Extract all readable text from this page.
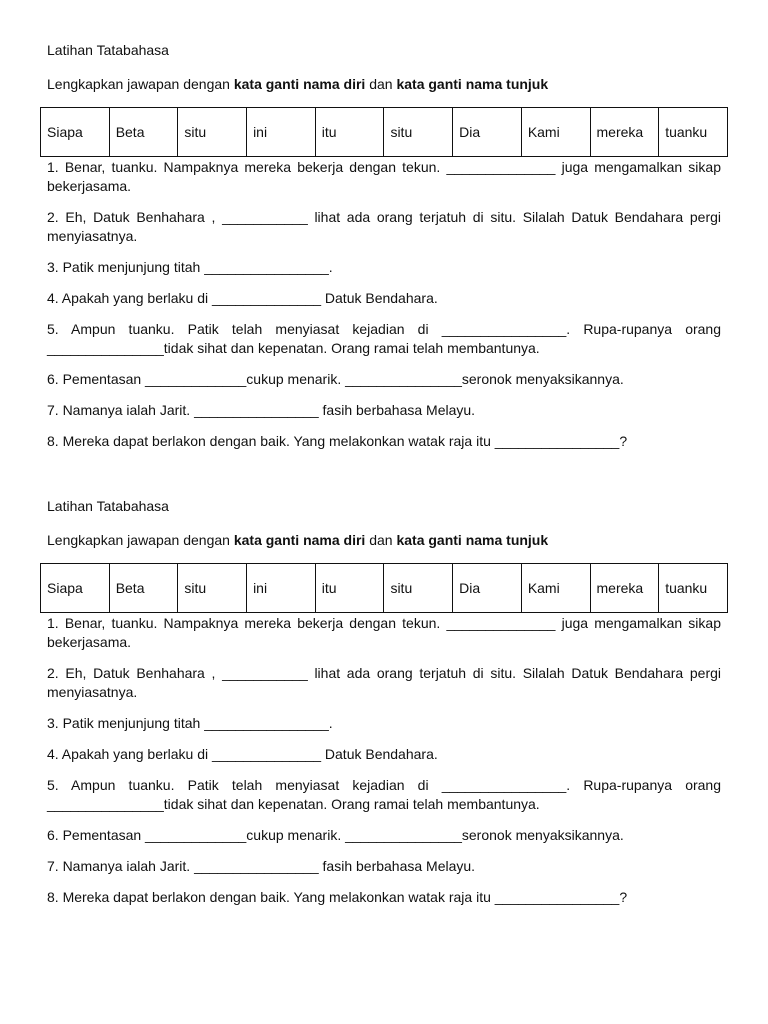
Latihan Tatabahasa

Lengkapkan jawapan dengan kata ganti nama diri dan kata ganti nama tunjuk

Siapa	Beta	situ	ini	itu	situ	Dia	Kami	mereka	tuanku

1. Benar, tuanku. Nampaknya mereka bekerja dengan tekun. ______________ juga mengamalkan sikap bekerjasama.

2. Eh, Datuk Benhahara , ___________ lihat ada orang terjatuh di situ. Silalah Datuk Bendahara pergi menyiasatnya.

3. Patik menjunjung titah ________________.

4. Apakah yang berlaku di ______________ Datuk Bendahara.

5. Ampun tuanku. Patik telah menyiasat kejadian di ________________. Rupa-rupanya orang _______________tidak sihat dan kepenatan. Orang ramai telah membantunya.

6. Pementasan _____________cukup menarik. _______________seronok menyaksikannya.

7. Namanya ialah Jarit. ________________ fasih berbahasa Melayu.

8. Mereka dapat berlakon dengan baik. Yang melakonkan watak raja itu ________________?

Latihan Tatabahasa

Lengkapkan jawapan dengan kata ganti nama diri dan kata ganti nama tunjuk

Siapa	Beta	situ	ini	itu	situ	Dia	Kami	mereka	tuanku

1. Benar, tuanku. Nampaknya mereka bekerja dengan tekun. ______________ juga mengamalkan sikap bekerjasama.

2. Eh, Datuk Benhahara , ___________ lihat ada orang terjatuh di situ. Silalah Datuk Bendahara pergi menyiasatnya.

3. Patik menjunjung titah ________________.

4. Apakah yang berlaku di ______________ Datuk Bendahara.

5. Ampun tuanku. Patik telah menyiasat kejadian di ________________. Rupa-rupanya orang _______________tidak sihat dan kepenatan. Orang ramai telah membantunya.

6. Pementasan _____________cukup menarik. _______________seronok menyaksikannya.

7. Namanya ialah Jarit. ________________ fasih berbahasa Melayu.

8. Mereka dapat berlakon dengan baik. Yang melakonkan watak raja itu ________________?
